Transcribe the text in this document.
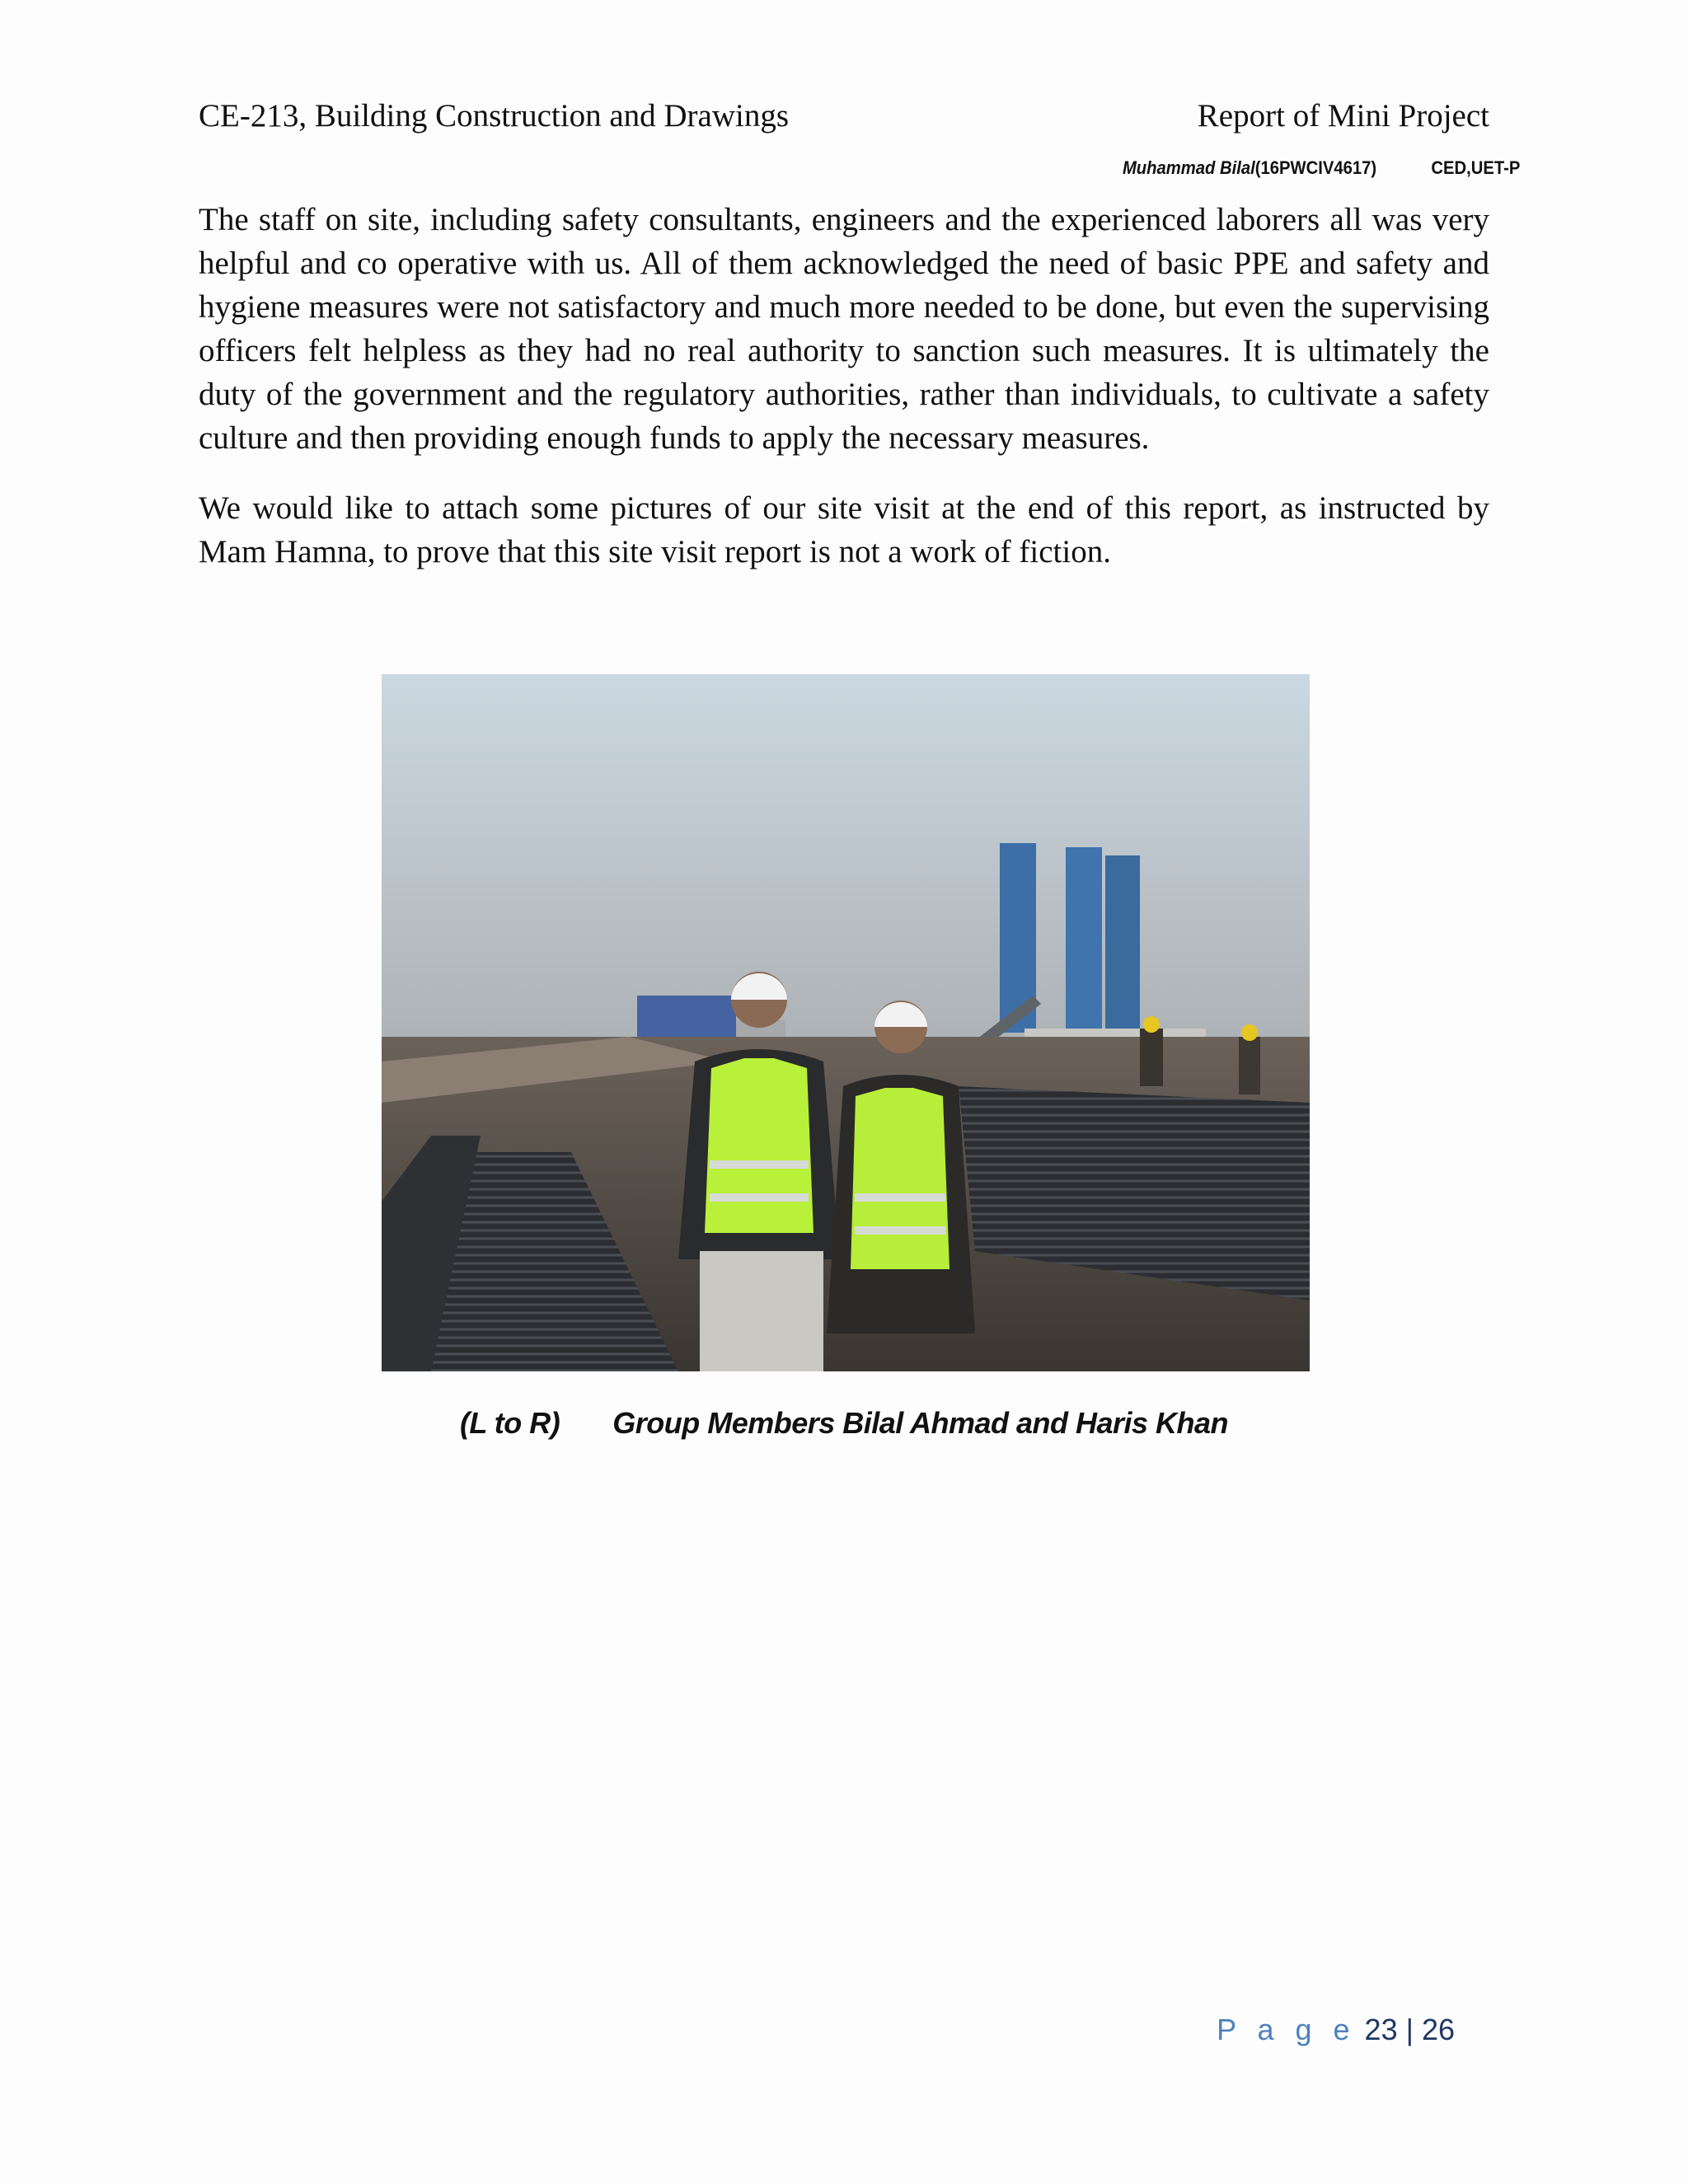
CE-213, Building Construction and Drawings	Report of Mini Project
Muhammad Bilal(16PWCIV4617)	CED,UET-P

The staff on site, including safety consultants, engineers and the experienced laborers all was very helpful and co operative with us. All of them acknowledged the need of basic PPE and safety and hygiene measures were not satisfactory and much more needed to be done, but even the supervising officers felt helpless as they had no real authority to sanction such measures. It is ultimately the duty of the government and the regulatory authorities, rather than individuals, to cultivate a safety culture and then providing enough funds to apply the necessary measures.

We would like to attach some pictures of our site visit at the end of this report, as instructed by Mam Hamna, to prove that this site visit report is not a work of fiction.

(L to R) Group Members Bilal Ahmad and Haris Khan
P a g e 23 | 26
